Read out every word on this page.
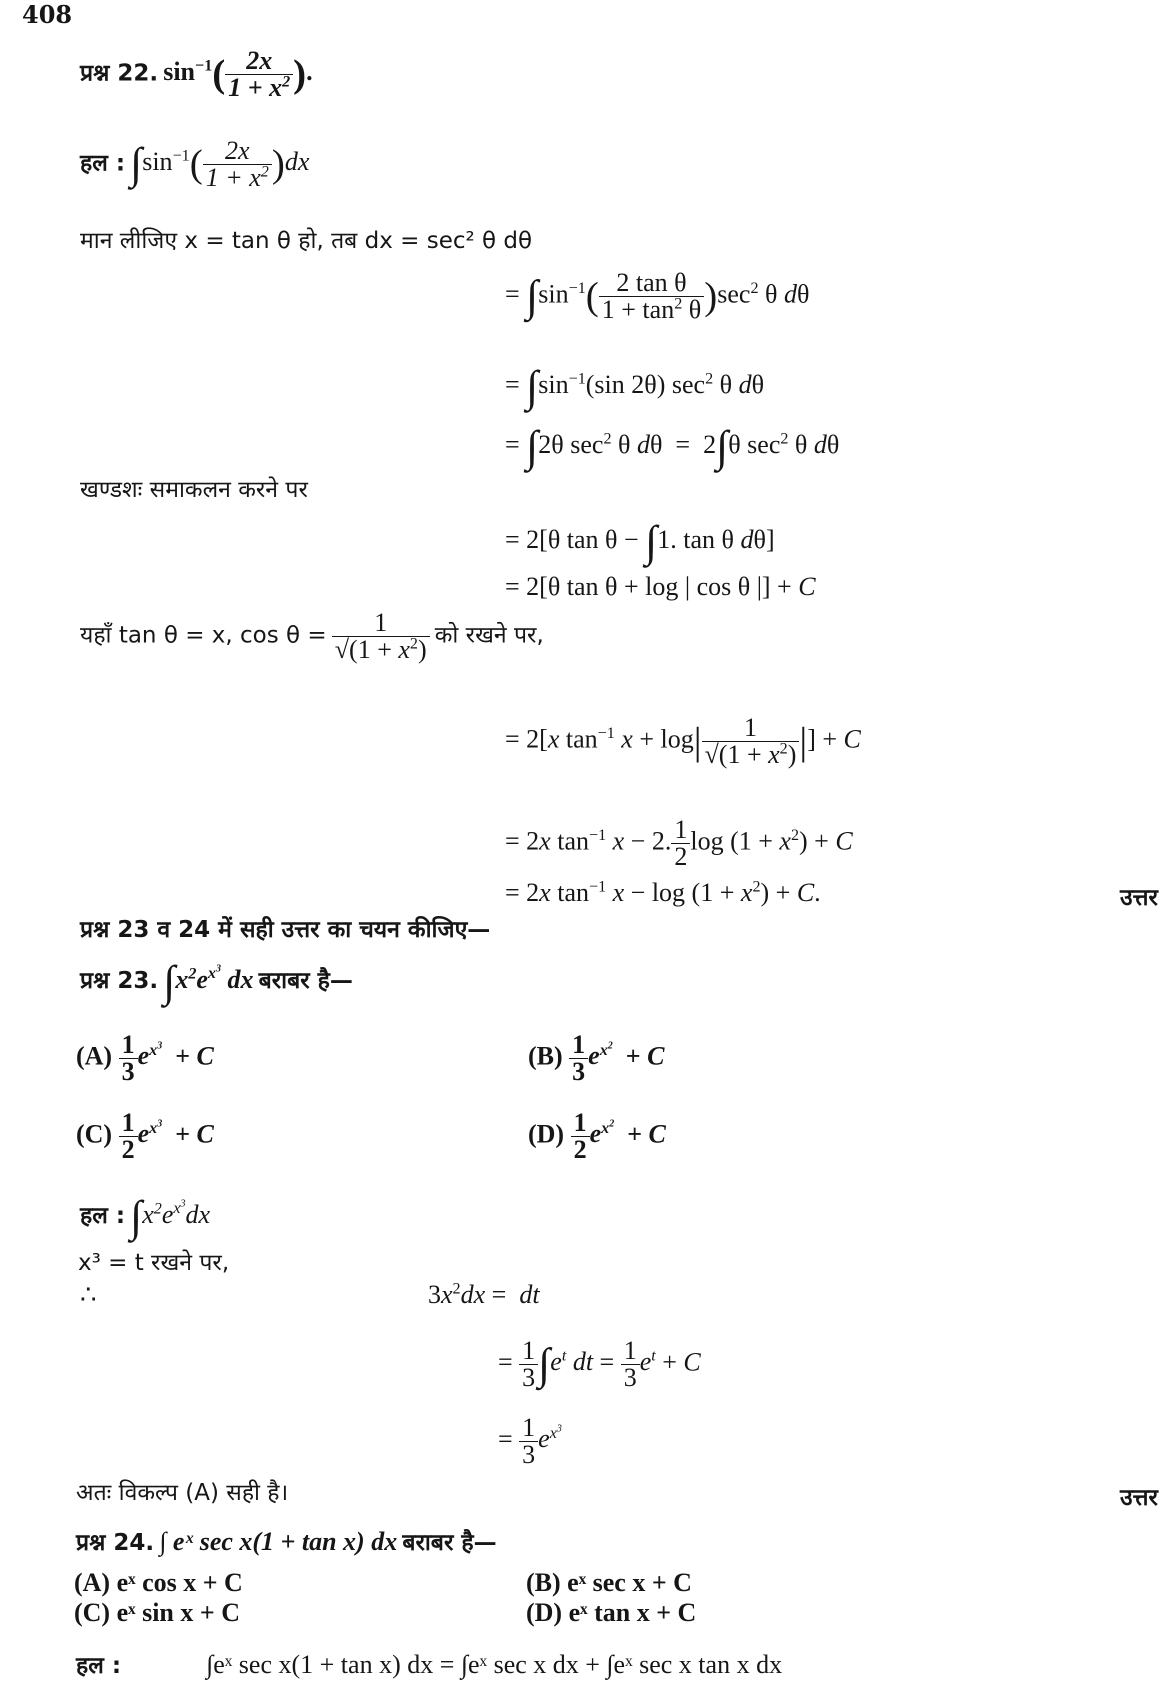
408
प्रश्न 22. $\sin^{-1}( \frac{2x}{1 + x^2}$ ).
हल : $\int\sin^{-1}( \frac{2x}{1 + x^2} )dx$
मान लीजिए x = tan θ हो, तब dx = sec² θ dθ
= $\int\sin^{-1}( \frac{\text{2 tan θ}}{1 + \tan^2 \theta} )\sec^2$ θ dθ
= $\int\sin^{-1}(\sin$ 2θ) $\sec^2 \theta$ dθ
= ∫2θ $\sec^2 \theta$ dθ  =  2∫θ $\sec^2 \theta$ dθ
खण्डशः समाकलन करने पर
= 2[θ tan θ − ∫1. tan θ dθ]
= 2[θ tan θ + log | cos θ |] + C
यहाँ tan θ = x, $\cos \theta = \frac{1}{√(1 + x^2)}$ को रखने पर,
= 2[x $\tan^{-1} x + \log| \frac{1}{√(1 + x^2)}$ |] + C
= 2x $\tan^{-1} x - 2$. $\frac{1}{2}$ $\log (1 + x^2) + C$
= 2x $\tan^{-1} x - \log (1 + x^2) + C$.	उत्तर
प्रश्न 23 व 24 में सही उत्तर का चयन कीजिए—
प्रश्न 23. $\int x^2e^{x^3}$ dx बराबर है—
$(A) \frac{1}{3} e^{x^3} + C$	$(B) \frac{1}{3} e^{x^2} + C$
$(C) \frac{1}{2} e^{x^3} + C$	$(D) \frac{1}{2} e^{x^2} + C$
हल : $\int x^2e^{x^3}dx$
x³ = t रखने पर,
∴	$3x^2dx$ =  dt
= $\frac{1}{3} \int e^t$ dt = $\frac{1}{3} e^t + C$
= $\frac{1}{3} e^{x^3}$
अतः विकल्प (A) सही है।	उत्तर
प्रश्न 24. ∫ eˣ sec x(1 + tan x) dx बराबर है—
(A) eˣ cos x + C	(B) eˣ sec x + C
(C) eˣ sin x + C	(D) eˣ tan x + C
हल :	∫eˣ sec x(1 + tan x) dx = ∫eˣ sec x dx + ∫eˣ sec x tan x dx
